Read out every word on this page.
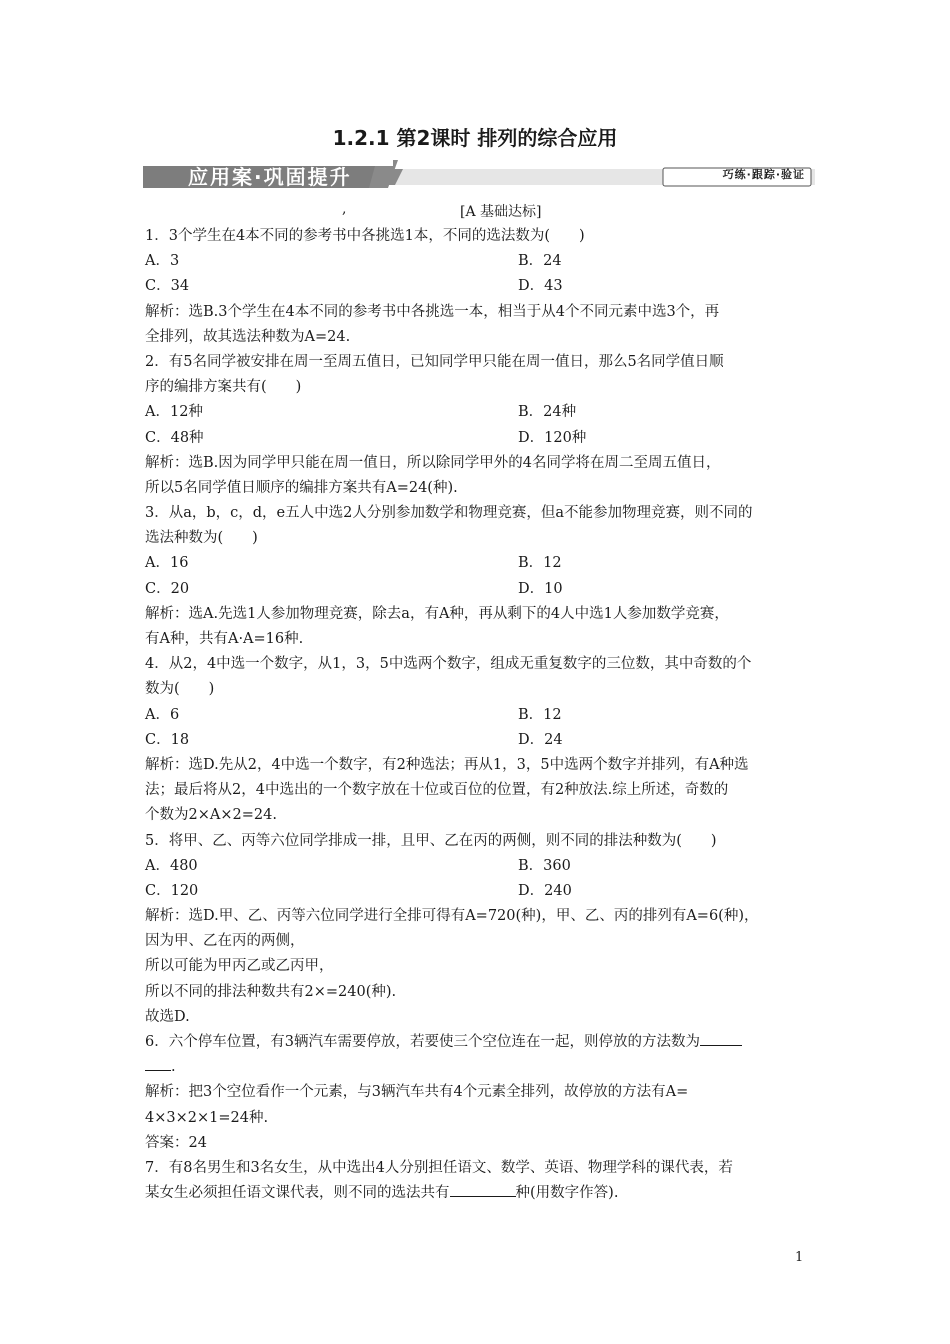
1.2.1 第2课时 排列的综合应用
应用案·巩固提升	巧练·跟踪·验证
,	[A 基础达标]
1．3个学生在4本不同的参考书中各挑选1本，不同的选法数为(　　)
A．3	B．24
C．34	D．43
解析：选B.3个学生在4本不同的参考书中各挑选一本，相当于从4个不同元素中选3个，再
全排列，故其选法种数为A=24.
2．有5名同学被安排在周一至周五值日，已知同学甲只能在周一值日，那么5名同学值日顺
序的编排方案共有(　　)
A．12种	B．24种
C．48种	D．120种
解析：选B.因为同学甲只能在周一值日，所以除同学甲外的4名同学将在周二至周五值日，
所以5名同学值日顺序的编排方案共有A=24(种).
3．从a，b，c，d，e五人中选2人分别参加数学和物理竞赛，但a不能参加物理竞赛，则不同的
选法种数为(　　)
A．16	B．12
C．20	D．10
解析：选A.先选1人参加物理竞赛，除去a，有A种，再从剩下的4人中选1人参加数学竞赛，
有A种，共有A·A=16种.
4．从2，4中选一个数字，从1，3，5中选两个数字，组成无重复数字的三位数，其中奇数的个
数为(　　)
A．6	B．12
C．18	D．24
解析：选D.先从2，4中选一个数字，有2种选法；再从1，3，5中选两个数字并排列，有A种选
法；最后将从2，4中选出的一个数字放在十位或百位的位置，有2种放法.综上所述，奇数的
个数为2×A×2=24.
5．将甲、乙、丙等六位同学排成一排，且甲、乙在丙的两侧，则不同的排法种数为(　　)
A．480	B．360
C．120	D．240
解析：选D.甲、乙、丙等六位同学进行全排可得有A=720(种)，甲、乙、丙的排列有A=6(种)，
因为甲、乙在丙的两侧，
所以可能为甲丙乙或乙丙甲，
所以不同的排法种数共有2×=240(种).
故选D.
6．六个停车位置，有3辆汽车需要停放，若要使三个空位连在一起，则停放的方法数为
.
解析：把3个空位看作一个元素，与3辆汽车共有4个元素全排列，故停放的方法有A=
4×3×2×1=24种.
答案：24
7．有8名男生和3名女生，从中选出4人分别担任语文、数学、英语、物理学科的课代表，若
某女生必须担任语文课代表，则不同的选法共有	种(用数字作答).
1
